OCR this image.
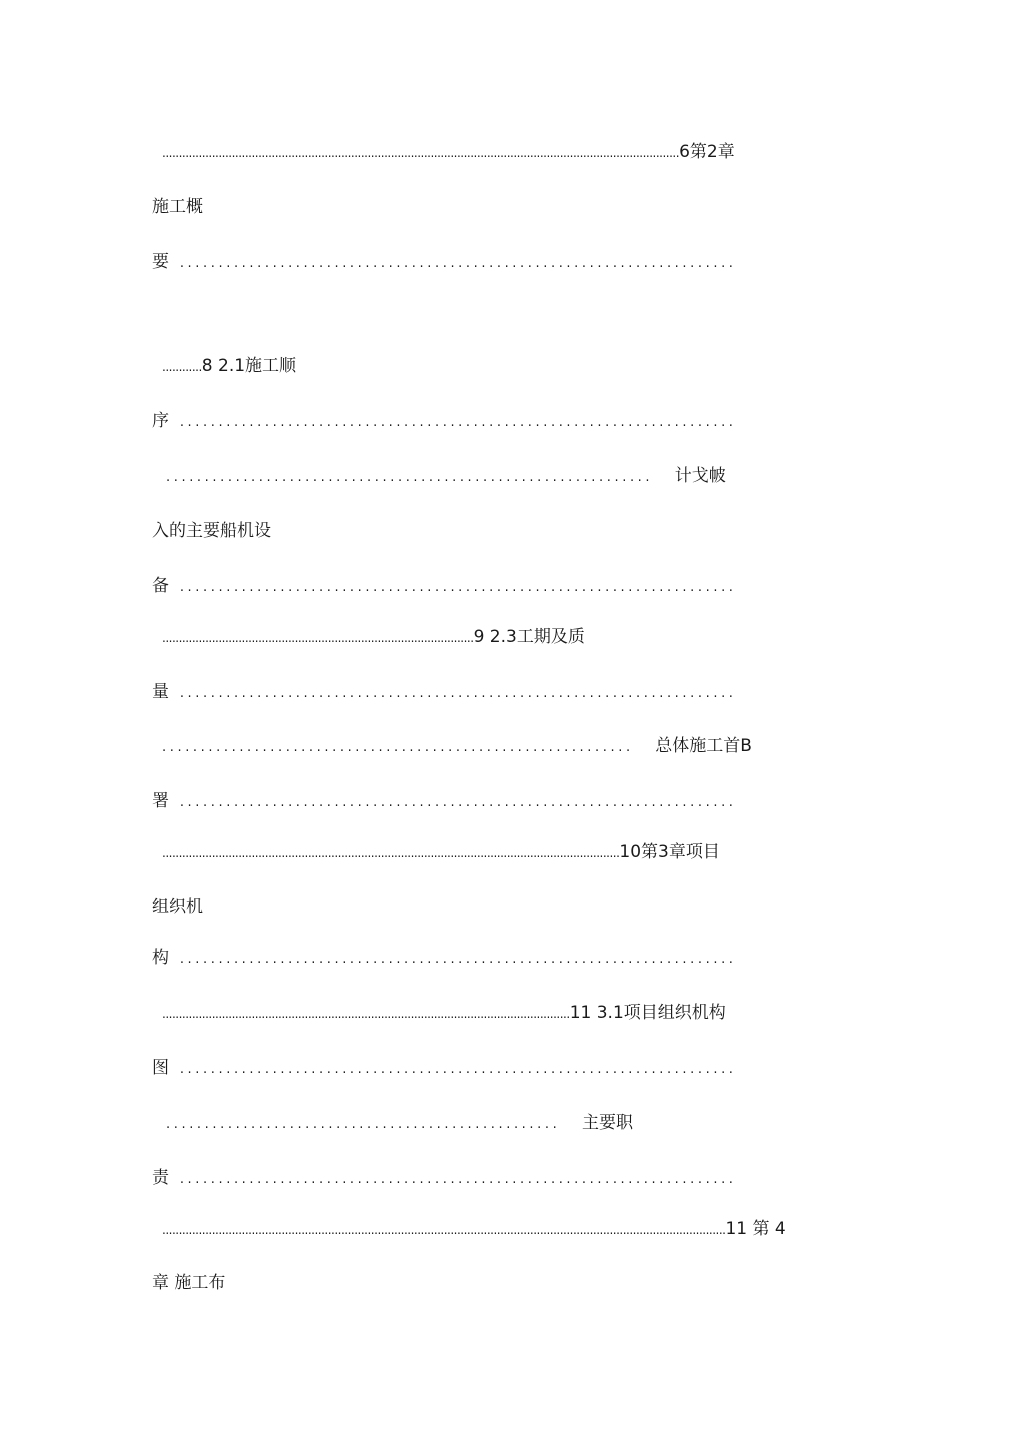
............................................................................................................................................................6第2章
施工概
要 ........................................................................
............8 2.1施工顺
序 ........................................................................
............................................................... 计戈帔
入的主要船机设
备 ........................................................................
..............................................................................................9 2.3工期及质
量 ........................................................................
............................................................. 总体施工首B
署 ........................................................................
..........................................................................................................................................10第3章项目
组织机
构 ........................................................................
...........................................................................................................................11 3.1项目组织机构
图 ........................................................................
................................................... 主要职
责 ........................................................................
..........................................................................................................................................................................11 第 4
章 施工布
